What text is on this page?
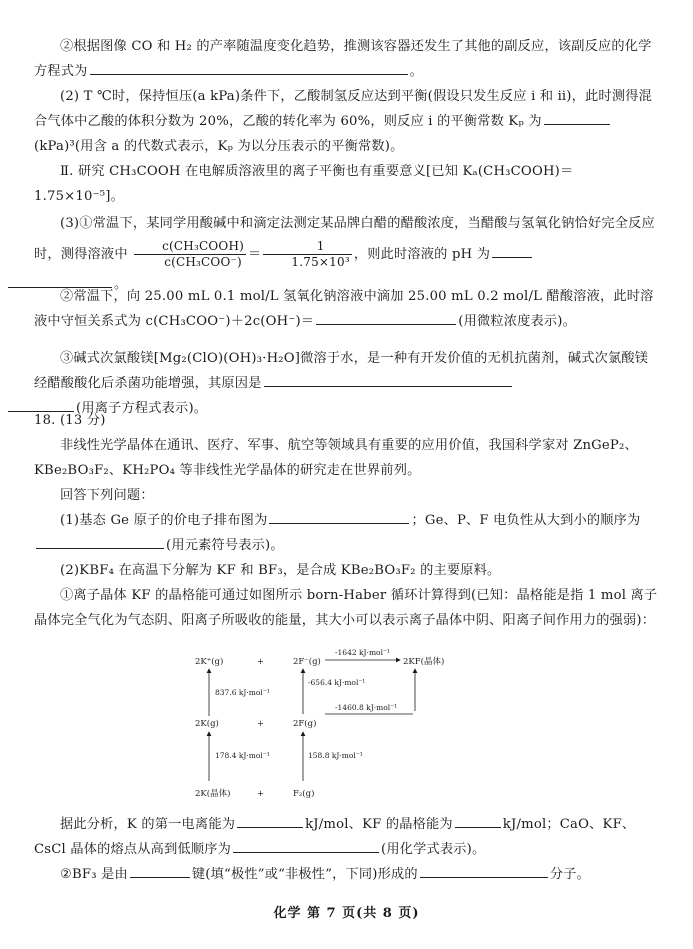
②根据图像 CO 和 H₂ 的产率随温度变化趋势，推测该容器还发生了其他的副反应，该副反应的化学方程式为	。
(2) T ℃时，保持恒压(a kPa)条件下，乙酸制氢反应达到平衡(假设只发生反应 ⅰ 和 ⅱ)，此时测得混合气体中乙酸的体积分数为 20%，乙酸的转化率为 60%，则反应 ⅰ 的平衡常数 Kₚ 为(kPa)³(用含 a 的代数式表示，Kₚ 为以分压表示的平衡常数)。
Ⅱ. 研究 CH₃COOH 在电解质溶液里的离子平衡也有重要意义[已知 Kₐ(CH₃COOH)＝1.75×10⁻⁵]。
(3)①常温下，某同学用酸碱中和滴定法测定某品牌白醋的醋酸浓度，当醋酸与氢氧化钠恰好完全反应时，测得溶液中 $\frac{\text{c(CH₃COOH)}}{\text{c(CH₃COO⁻)}} = \frac{1}{\text{1.75×10³}}$ ，则此时溶液的 pH 为
。
②常温下，向 25.00 mL 0.1 mol/L 氢氧化钠溶液中滴加 25.00 mL 0.2 mol/L 醋酸溶液，此时溶液中守恒关系式为 c(CH₃COO⁻)＋2c(OH⁻)＝	(用微粒浓度表示)。
③碱式次氯酸镁[Mg₂(ClO)(OH)₃·H₂O]微溶于水，是一种有开发价值的无机抗菌剂，碱式次氯酸镁经醋酸酸化后杀菌功能增强，其原因是
(用离子方程式表示)。
18. (13 分)
非线性光学晶体在通讯、医疗、军事、航空等领域具有重要的应用价值，我国科学家对 ZnGeP₂、KBe₂BO₃F₂、KH₂PO₄ 等非线性光学晶体的研究走在世界前列。
回答下列问题：
(1)基态 Ge 原子的价电子排布图为	；Ge、P、F 电负性从大到小的顺序为(用元素符号表示)。
(2)KBF₄ 在高温下分解为 KF 和 BF₃，是合成 KBe₂BO₃F₂ 的主要原料。
①离子晶体 KF 的晶格能可通过如图所示 born-Haber 循环计算得到(已知：晶格能是指 1 mol 离子晶体完全气化为气态阴、阳离子所吸收的能量，其大小可以表示离子晶体中阴、阳离子间作用力的强弱)：
2K⁺(g)	+	2F⁻(g)	2KF(晶体)
-1642 kJ·mol⁻¹
837.6 kJ·mol⁻¹
-656.4 kJ·mol⁻¹
2K(g)	+	2F(g)
-1460.8 kJ·mol⁻¹
178.4 kJ·mol⁻¹	158.8 kJ·mol⁻¹
2K(晶体)	+	F₂(g)
据此分析，K 的第一电离能为	kJ/mol、KF 的晶格能为	kJ/mol；CaO、KF、CsCl 晶体的熔点从高到低顺序为	(用化学式表示)。
②BF₃ 是由	键(填“极性”或“非极性”，下同)形成的	分子。
化学 第 7 页(共 8 页)
